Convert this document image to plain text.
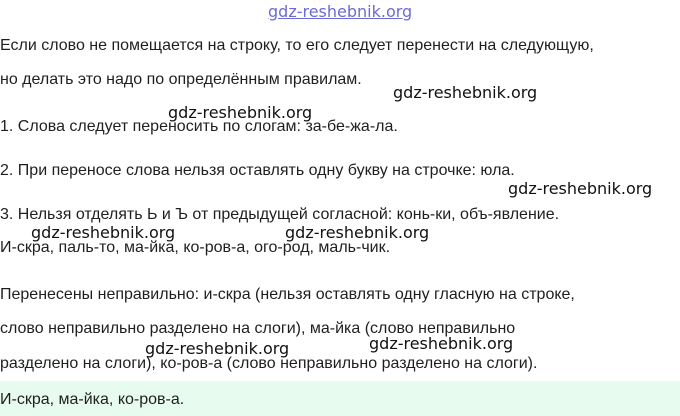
gdz-reshebnik.org
Если слово не помещается на строку, то его следует перенести на следующую,
но делать это надо по определённым правилам.
gdz-reshebnik.org
gdz-reshebnik.org
1. Слова следует переносить по слогам: за-бе-жа-ла.
2. При переносе слова нельзя оставлять одну букву на строчке: юла.
gdz-reshebnik.org
3. Нельзя отделять Ь и Ъ от предыдущей согласной: конь-ки, объ-явление.
gdz-reshebnik.org	gdz-reshebnik.org
И-скра, паль-то, ма-йка, ко-ров-а, ого-род, маль-чик.
Перенесены неправильно: и-скра (нельзя оставлять одну гласную на строке,
слово неправильно разделено на слоги), ма-йка (слово неправильно
gdz-reshebnik.org
gdz-reshebnik.org
разделено на слоги), ко-ров-а (слово неправильно разделено на слоги).
И-скра, ма-йка, ко-ров-а.
